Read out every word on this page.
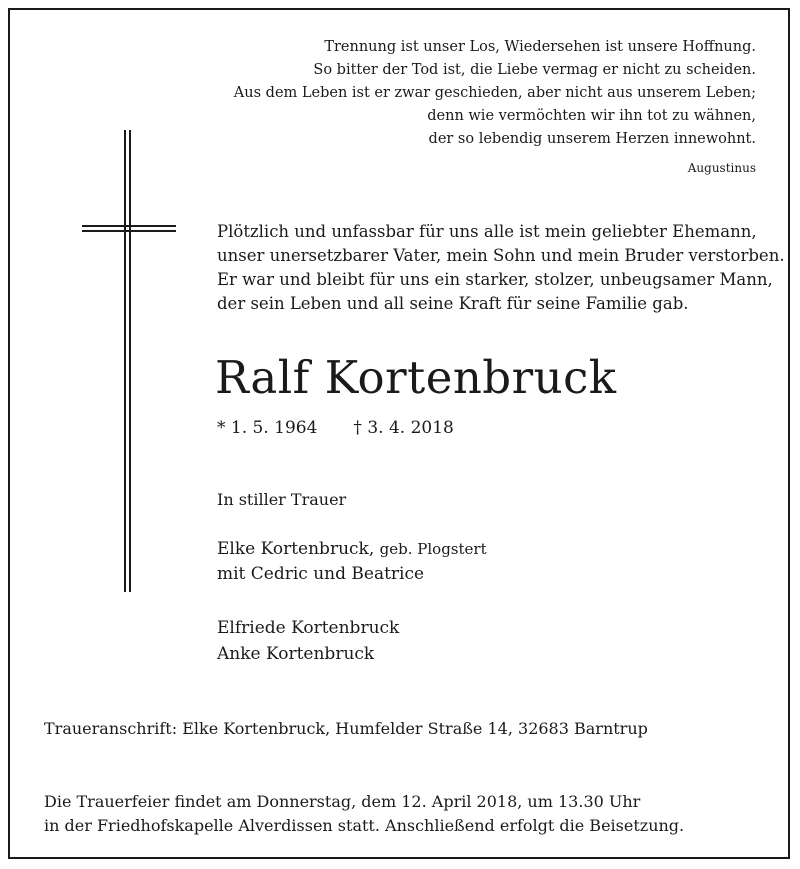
Trennung ist unser Los, Wiedersehen ist unsere Hoffnung.
So bitter der Tod ist, die Liebe vermag er nicht zu scheiden.
Aus dem Leben ist er zwar geschieden, aber nicht aus unserem Leben;
denn wie vermöchten wir ihn tot zu wähnen,
der so lebendig unserem Herzen innewohnt.
Augustinus
Plötzlich und unfassbar für uns alle ist mein geliebter Ehemann,
unser unersetzbarer Vater, mein Sohn und mein Bruder verstorben.
Er war und bleibt für uns ein starker, stolzer, unbeugsamer Mann,
der sein Leben und all seine Kraft für seine Familie gab.
Ralf Kortenbruck
* 1. 5. 1964 † 3. 4. 2018
In stiller Trauer
Elke Kortenbruck, geb. Plogstert
mit Cedric und Beatrice
Elfriede Kortenbruck
Anke Kortenbruck
Traueranschrift: Elke Kortenbruck, Humfelder Straße 14, 32683 Barntrup
Die Trauerfeier findet am Donnerstag, dem 12. April 2018, um 13.30 Uhr
in der Friedhofskapelle Alverdissen statt. Anschließend erfolgt die Beisetzung.
